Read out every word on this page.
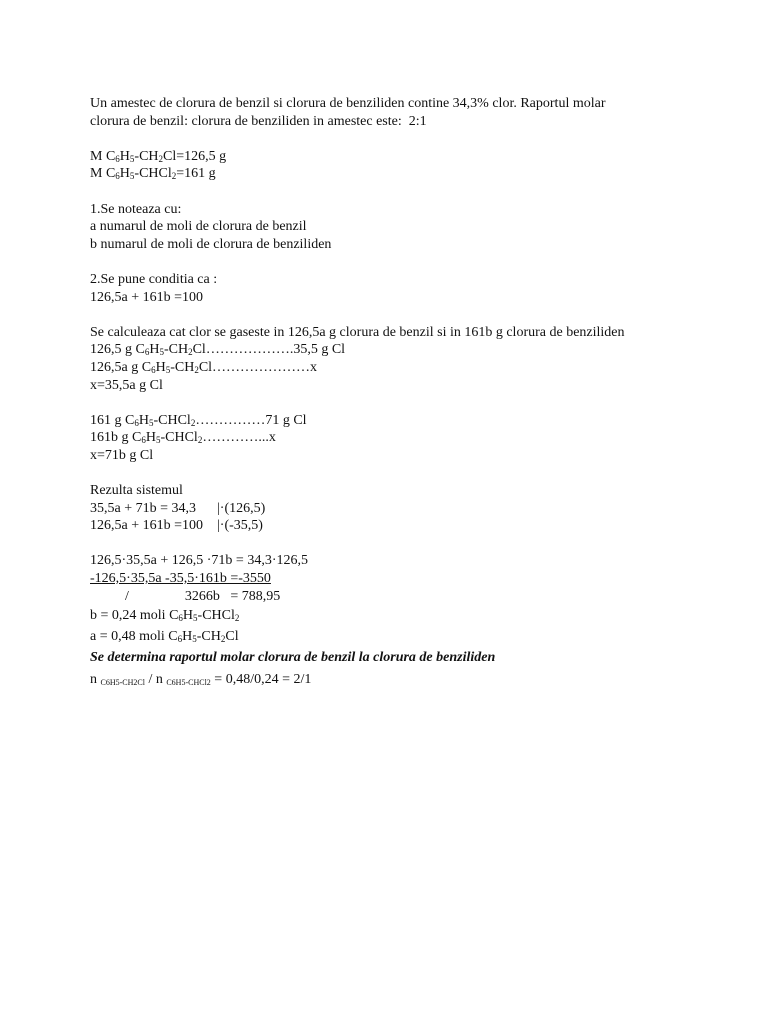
Un amestec de clorura de benzil si clorura de benziliden contine 34,3% clor. Raportul molar
clorura de benzil: clorura de benziliden in amestec este:  2:1
M $C_6H_5-CH_2Cl=126,5$ g
M $C_6H_5-CHCl_2=161$ g
1.Se noteaza cu:
a numarul de moli de clorura de benzil
b numarul de moli de clorura de benziliden
2.Se pune conditia ca :
126,5a + 161b =100
Se calculeaza cat clor se gaseste in 126,5a g clorura de benzil si in 161b g clorura de benziliden
126,5 g $C_6H_5-CH_2Cl\dots\dots\dots\dots\dots\dots.35,5$ g Cl
126,5a g $C_6H_5-CH_2Cl\dots\dots\dots\dots\dots\dots\dots x$
x=35,5a g Cl
161 g $C_6H_5-CHCl_2\dots\dots\dots\dots\dots 71$ g Cl
161b g $C_6H_5-CHCl_2\dots\dots\dots\dots...x$
x=71b g Cl
Rezulta sistemul
35,5a + 71b = 34,3      |·(126,5)
126,5a + 161b =100    |·(-35,5)
126,5·35,5a + 126,5 ·71b = 34,3·126,5
-126,5·35,5a -35,5·161b =-3550
/                3266b   = 788,95
b = 0,24 moli $C_6H_5-CHCl_2$
a = 0,48 moli $C_6H_5-CH_2Cl$
Se determina raportul molar clorura de benzil la clorura de benziliden
n C6H5-CH2Cl / n C6H5-CHCl2 = 0,48/0,24 = 2/1
